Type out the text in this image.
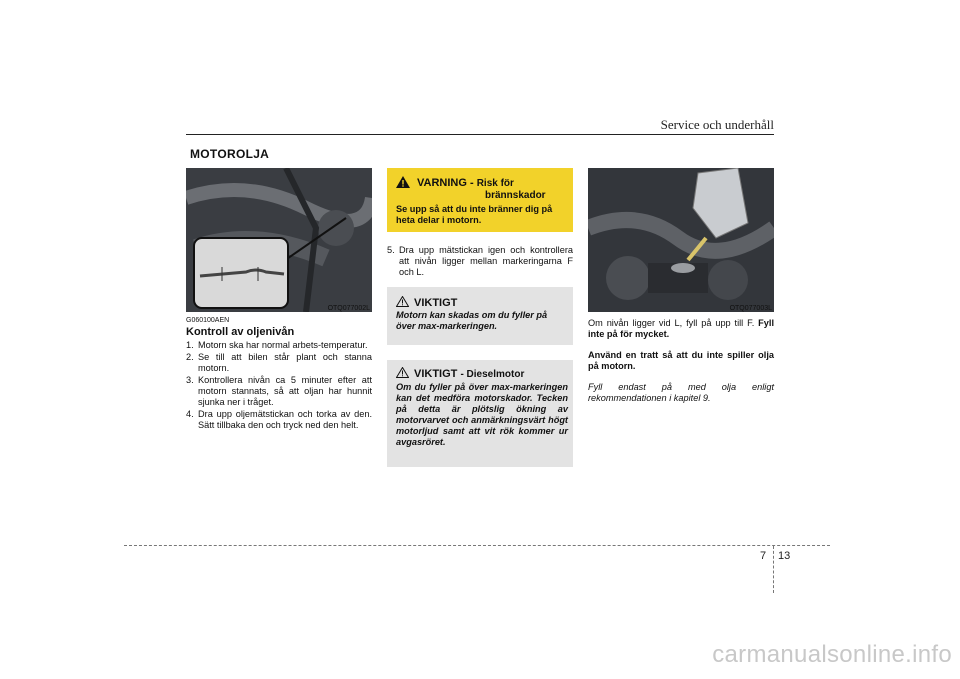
Service och underhåll
MOTOROLJA
OTQ077002L
G060100AEN
Kontroll av oljenivån
1. Motorn ska har normal arbets-temperatur.
2. Se till att bilen står plant och stanna motorn.
3. Kontrollera nivån ca 5 minuter efter att motorn stannats, så att oljan har hunnit sjunka ner i tråget.
4. Dra upp oljemätstickan och torka av den. Sätt tillbaka den och tryck ned den helt.
VARNING - Risk för
brännskador
Se upp så att du inte bränner dig på heta delar i motorn.
5. Dra upp mätstickan igen och kontrollera att nivån ligger mellan markeringarna F och L.
VIKTIGT
Motorn kan skadas om du fyller på över max-markeringen.
VIKTIGT - Dieselmotor
Om du fyller på över max-markeringen kan det medföra motorskador. Tecken på detta är plötslig ökning av motorvarvet och anmärkningsvärt högt motorljud samt att vit rök kommer ur avgasröret.
OTQ077003L
Om nivån ligger vid L, fyll på upp till F. Fyll inte på för mycket.
Använd en tratt så att du inte spiller olja på motorn.
Fyll endast på med olja enligt rekommendationen i kapitel 9.
7 13
carmanualsonline.info
